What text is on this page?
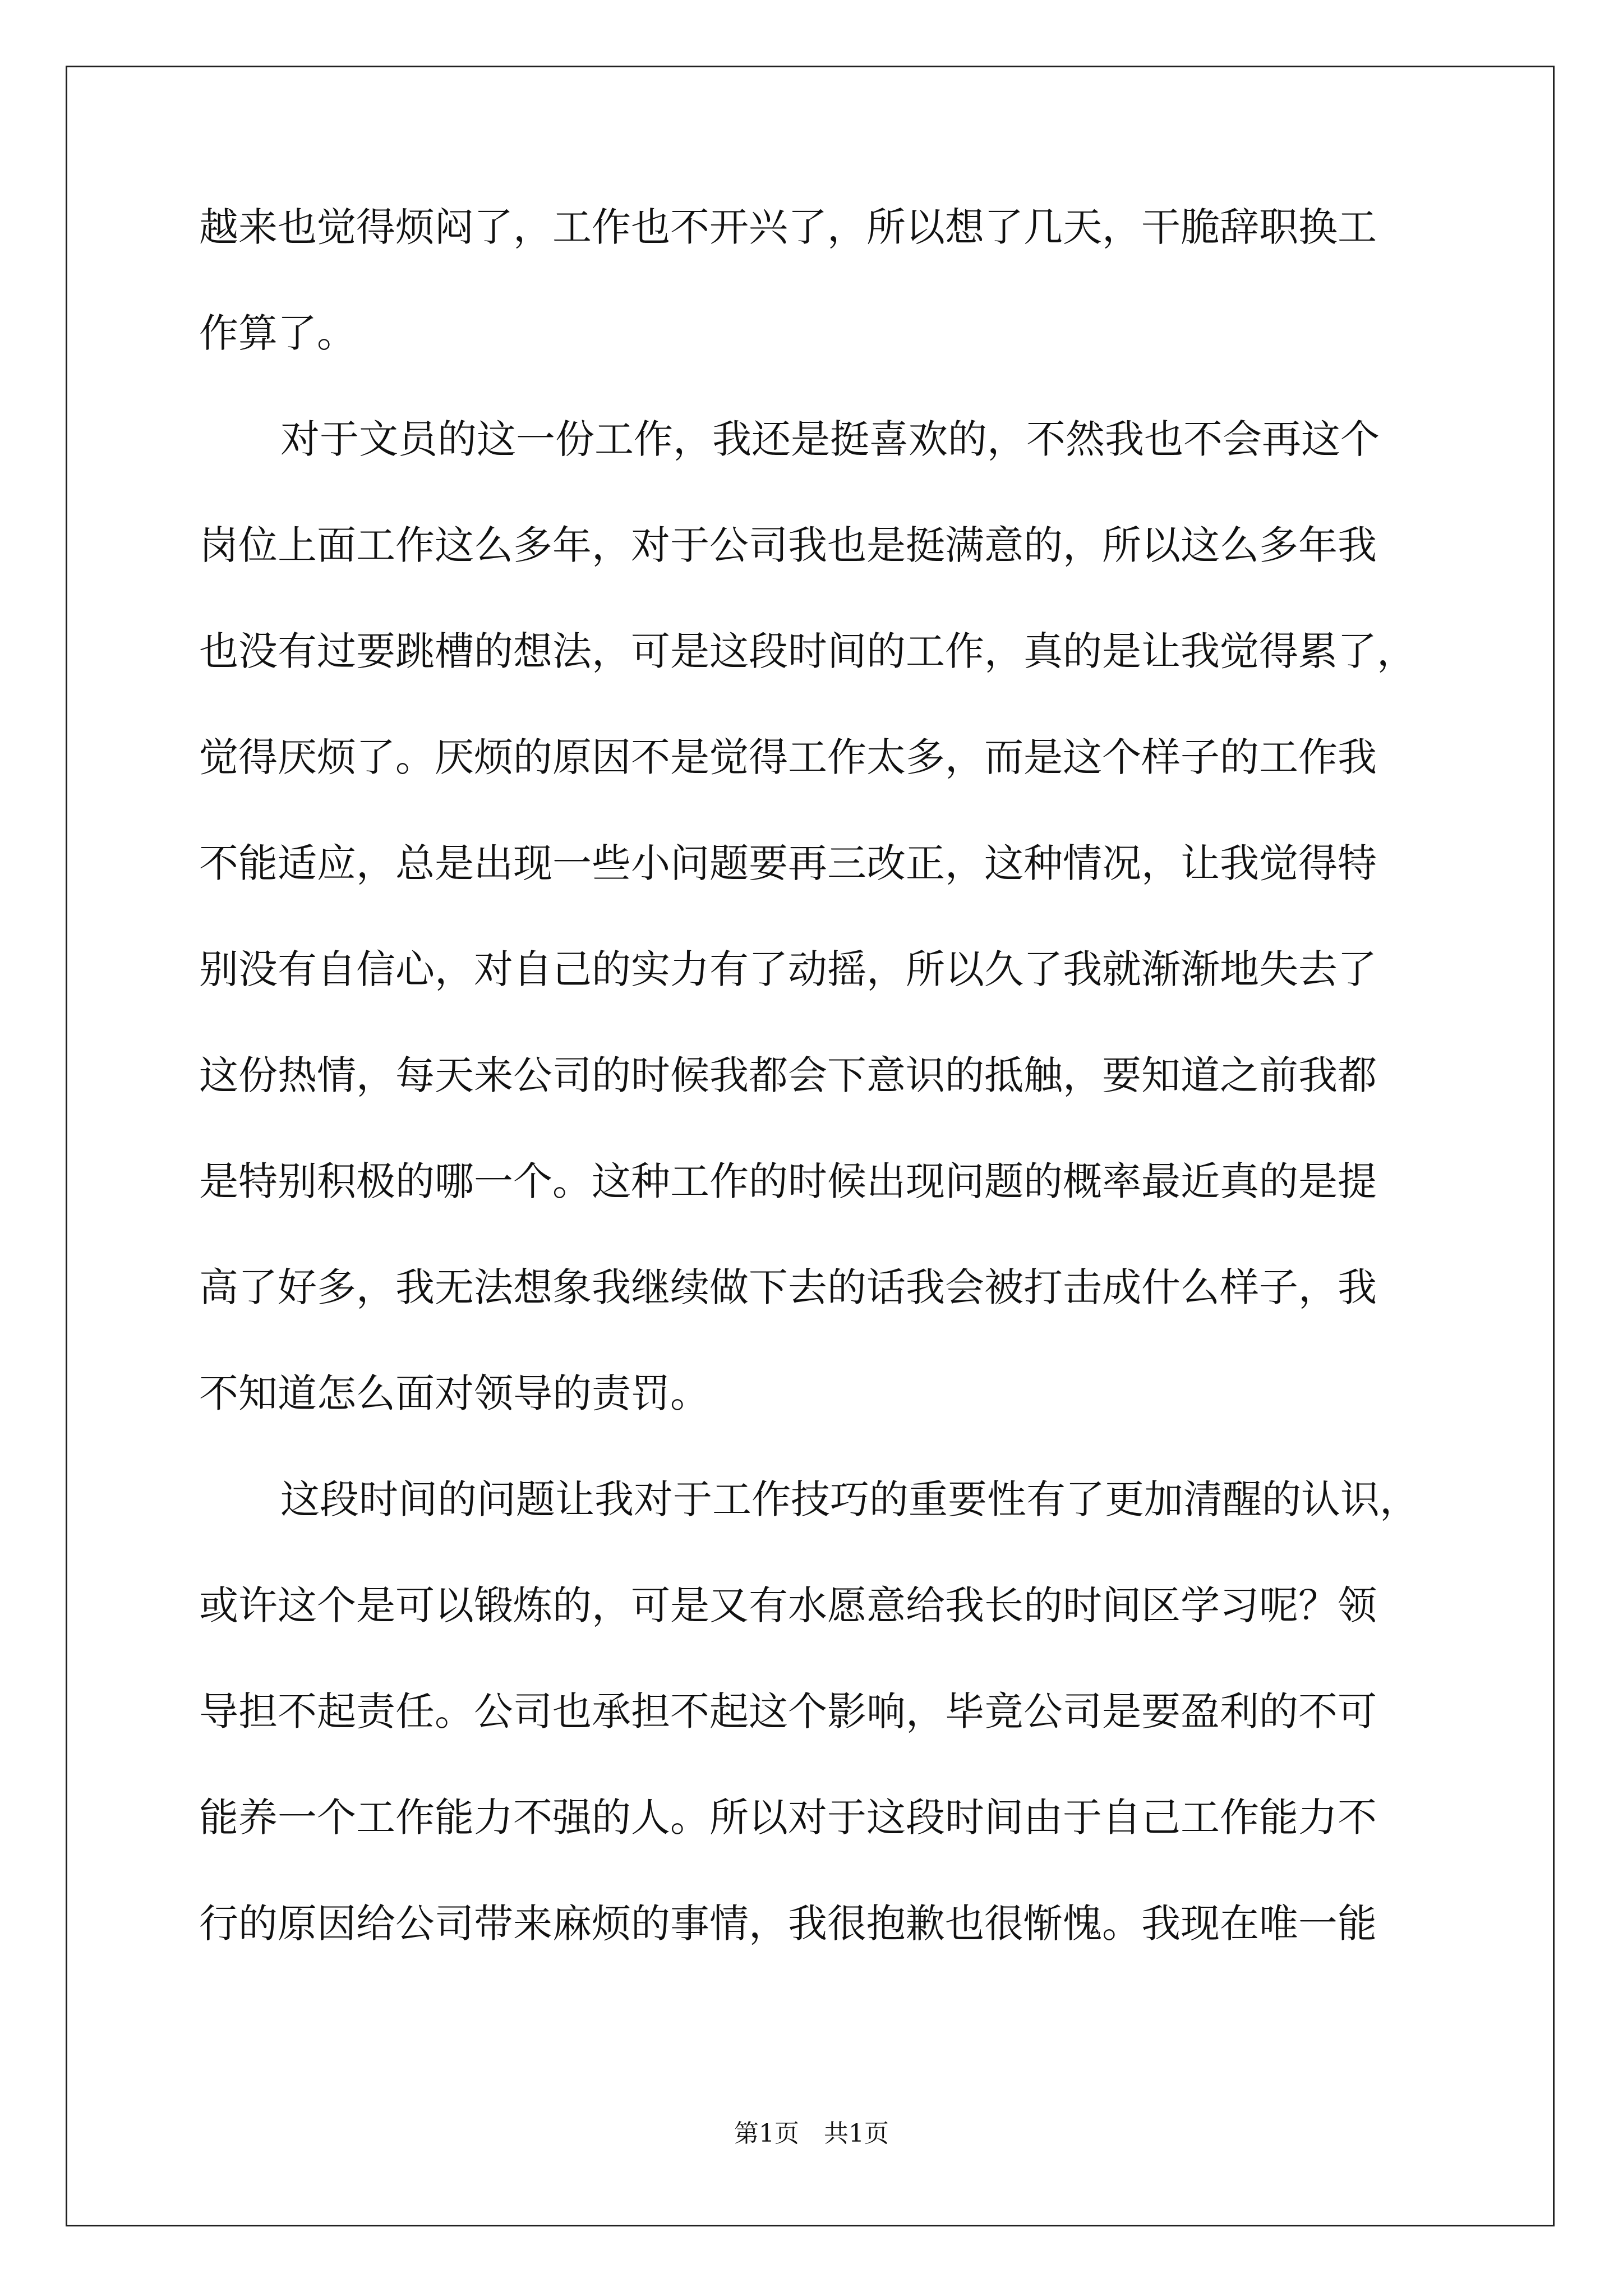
越来也觉得烦闷了，工作也不开兴了，所以想了几天，干脆辞职换工
作算了。
对于文员的这一份工作，我还是挺喜欢的，不然我也不会再这个
岗位上面工作这么多年，对于公司我也是挺满意的，所以这么多年我
也没有过要跳槽的想法，可是这段时间的工作，真的是让我觉得累了，
觉得厌烦了。厌烦的原因不是觉得工作太多，而是这个样子的工作我
不能适应，总是出现一些小问题要再三改正，这种情况，让我觉得特
别没有自信心，对自己的实力有了动摇，所以久了我就渐渐地失去了
这份热情，每天来公司的时候我都会下意识的抵触，要知道之前我都
是特别积极的哪一个。这种工作的时候出现问题的概率最近真的是提
高了好多，我无法想象我继续做下去的话我会被打击成什么样子，我
不知道怎么面对领导的责罚。
这段时间的问题让我对于工作技巧的重要性有了更加清醒的认识，
或许这个是可以锻炼的，可是又有水愿意给我长的时间区学习呢？领
导担不起责任。公司也承担不起这个影响，毕竟公司是要盈利的不可
能养一个工作能力不强的人。所以对于这段时间由于自己工作能力不
行的原因给公司带来麻烦的事情，我很抱歉也很惭愧。我现在唯一能
第1页　共1页
